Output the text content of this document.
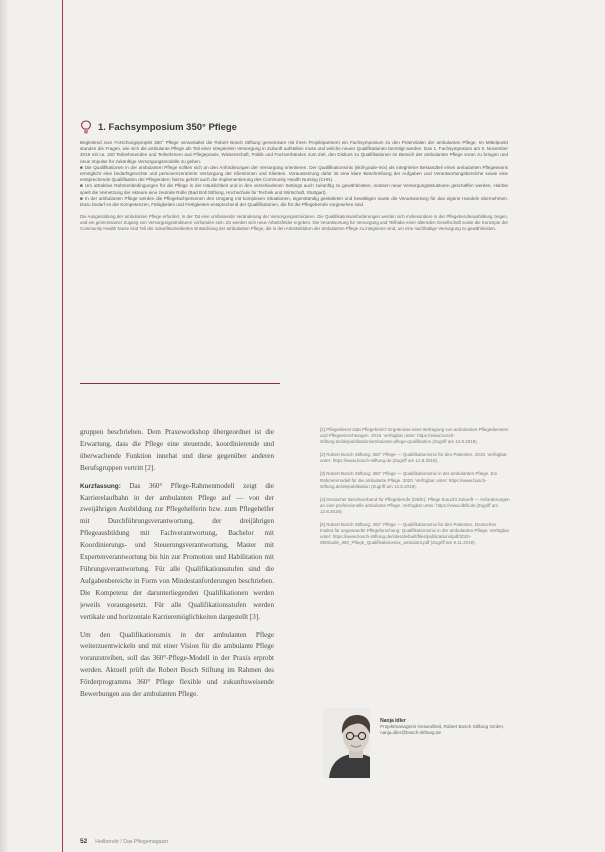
1. Fachsymposium 350° Pflege

Begleitend zum Forschungsprojekt 360° Pflege veranstaltet die Robert Bosch Stiftung gemeinsam mit ihren Projektpartnern ein Fachsymposium zu den Potenzialen der ambulanten Pflege. Im Mittelpunkt standen die Fragen, wie sich die ambulante Pflege als Teil einer integrierten Versorgung in Zukunft aufstellen muss und welche neuen Qualifikationen benötigt werden. Das 1. Fachsymposium am 5. November 2019 mit ca. 100 Teilnehmenden und Teilnehmern aus Pflegepraxis, Wissenschaft, Politik und Fachverbänden zum Ziel, den Diskurs zu Qualifikationen im Bereich der ambulanten Pflege voran zu bringen und neue Impulse für zukünftige Versorgungsmodelle zu geben.

■ Die Qualifikationen in der ambulanten Pflege sollten sich an den Anforderungen der Versorgung orientieren. Der Qualifikationsmix (skill-grade-mix) als integrierter Bestandteil eines ambulanten Pflegeteams ermöglicht eine bedarfsgerechte und personenzentrierte Versorgung der Klientinnen und Klienten. Voraussetzung dafür ist eine klare Beschreibung der Aufgaben und Verantwortungsbereiche sowie eine entsprechende Qualifikation der Pflegenden; hierzu gehört auch die Implementierung des Community Health Nursing (CHN).

■ Um attraktive Rahmenbedingungen für die Pflege in der Häuslichkeit und in den verschiedenen Settings auch zukünftig zu gewährleisten, müssen neue Versorgungsstrukturen geschaffen werden. Hierbei spielt die Vernetzung der Akteure eine zentrale Rolle (Bad Boll Stiftung, Hochschule für Technik und Wirtschaft, Stuttgart).

■ In der ambulanten Pflege werden die Pflegefachpersonen den Umgang mit komplexen Situationen, eigenständig gestalteten und bewältigen sowie die Verantwortung für das eigene Handeln übernehmen. Dazu bedarf es der Kompetenzen, Fähigkeiten und Fertigkeiten entsprechend der Qualifikationen, die für die Pflegeberufe vorgesehen sind.

Die Ausgestaltung der ambulanten Pflege erfordert, in der Tat eine umfassende Veränderung der Versorgungsstrukturen. Die Qualifikationsanforderungen werden sich insbesondere in der Pflegeberufeausbildung zeigen, und ein gemeinsamer Zugang von Versorgungsstrukturen vorhanden sein. Es werden sich neue Arbeitsfelder ergeben. Die Verantwortung für Versorgung und Teilhabe einer alternden Gesellschaft sowie die Konzepte der Community Health Nurse sind Teil der zukunftsorientierten Entwicklung der ambulanten Pflege, die in den Arbeitsfeldern der ambulanten Pflege zu integrieren sind, um eine nachhaltige Versorgung zu gewährleisten.

gruppen beschrieben. Dem Praxeworkshop übergeordnet ist die Erwartung, dass die Pflege eine steuernde, koordinierende und überwachende Funktion innehat und diese gegenüber anderen Berufsgruppen vertritt [2].

Kurzfassung: Das 360° Pflege-Rahmenmodell zeigt die Karrierelaufbahn in der ambulanten Pflege auf — von der zweijährigen Ausbildung zur Pflegehelferin bzw. zum Pflegehelfer mit Durchführungsverantwortung, der dreijährigen Pflegeausbildung mit Fachverantwortung, Bachelor mit Koordinierungs- und Steuerungsverantwortung, Master mit Expertenverantwortung bis hin zur Promotion und Habilitation mit Führungsverantwortung. Für alle Qualifikationsstufen sind die Aufgabenbereiche in Form von Mindestanforderungen beschrieben. Die Kompetenz der darunterliegenden Qualifikationen werden jeweils vorausgesetzt. Für alle Qualifikationsstufen werden vertikale und horizontale Karrieremöglichkeiten dargestellt [3].

Um den Qualifikationsmix in der ambulanten Pflege weiterzuentwickeln und mit einer Vision für die ambulante Pflege voranzutreiben, soll das 360°-Pflege-Modell in der Praxis erprobt werden. Aktuell prüft die Robert Bosch Stiftung im Rahmen des Förderprogramms 360° Pflege flexible und zukunftsweisende Bewerbungen aus der ambulanten Pflege.

[1] Pflegedienst statt Pflegeheim? Ergebnisse einer Befragung von ambulanten Pflegediensten und Pflegeeinrichtungen. 2019. Verfügbar unter: https://www.bosch-stiftung.de/de/publikation/ambulante-pflege-qualifikation (Zugriff am 12.8.2019).

[2] Robert Bosch Stiftung: 360° Pflege — Qualifikationsmix für den Patienten. 2019. Verfügbar unter: https://www.bosch-stiftung.de (Zugriff am 12.8.2019).

[3] Robert Bosch Stiftung: 360° Pflege — Qualifikationsmix in der ambulanten Pflege. Ein Rahmenmodell für die ambulante Pflege. 2020. Verfügbar unter: https://www.bosch-stiftung.de/de/publikation (Zugriff am 12.8.2019).

[4] Deutscher Berufsverband für Pflegeberufe (DBfK): Pflege braucht Zukunft — Anforderungen an eine professionelle ambulante Pflege. Verfügbar unter: https://www.dbfk.de (Zugriff am 12.8.2019).

[5] Robert Bosch Stiftung: 360° Pflege — Qualifikationsmix für den Patienten. Deutsches Institut für angewandte Pflegeforschung: Qualifikationsmix in der ambulanten Pflege. Verfügbar unter: https://www.bosch-stiftung.de/sites/default/files/publications/pdf/2020-09/Studie_360_Pflege_Qualifikationsmix_ambulant.pdf (Zugriff am 9.11.2019).

Nanja Idler
Projektmanagerin Gesundheit, Robert Bosch Stiftung GmbH, nanja.idler@bosch-stiftung.de
52 Heilberufe / Das Pflegemagazin
